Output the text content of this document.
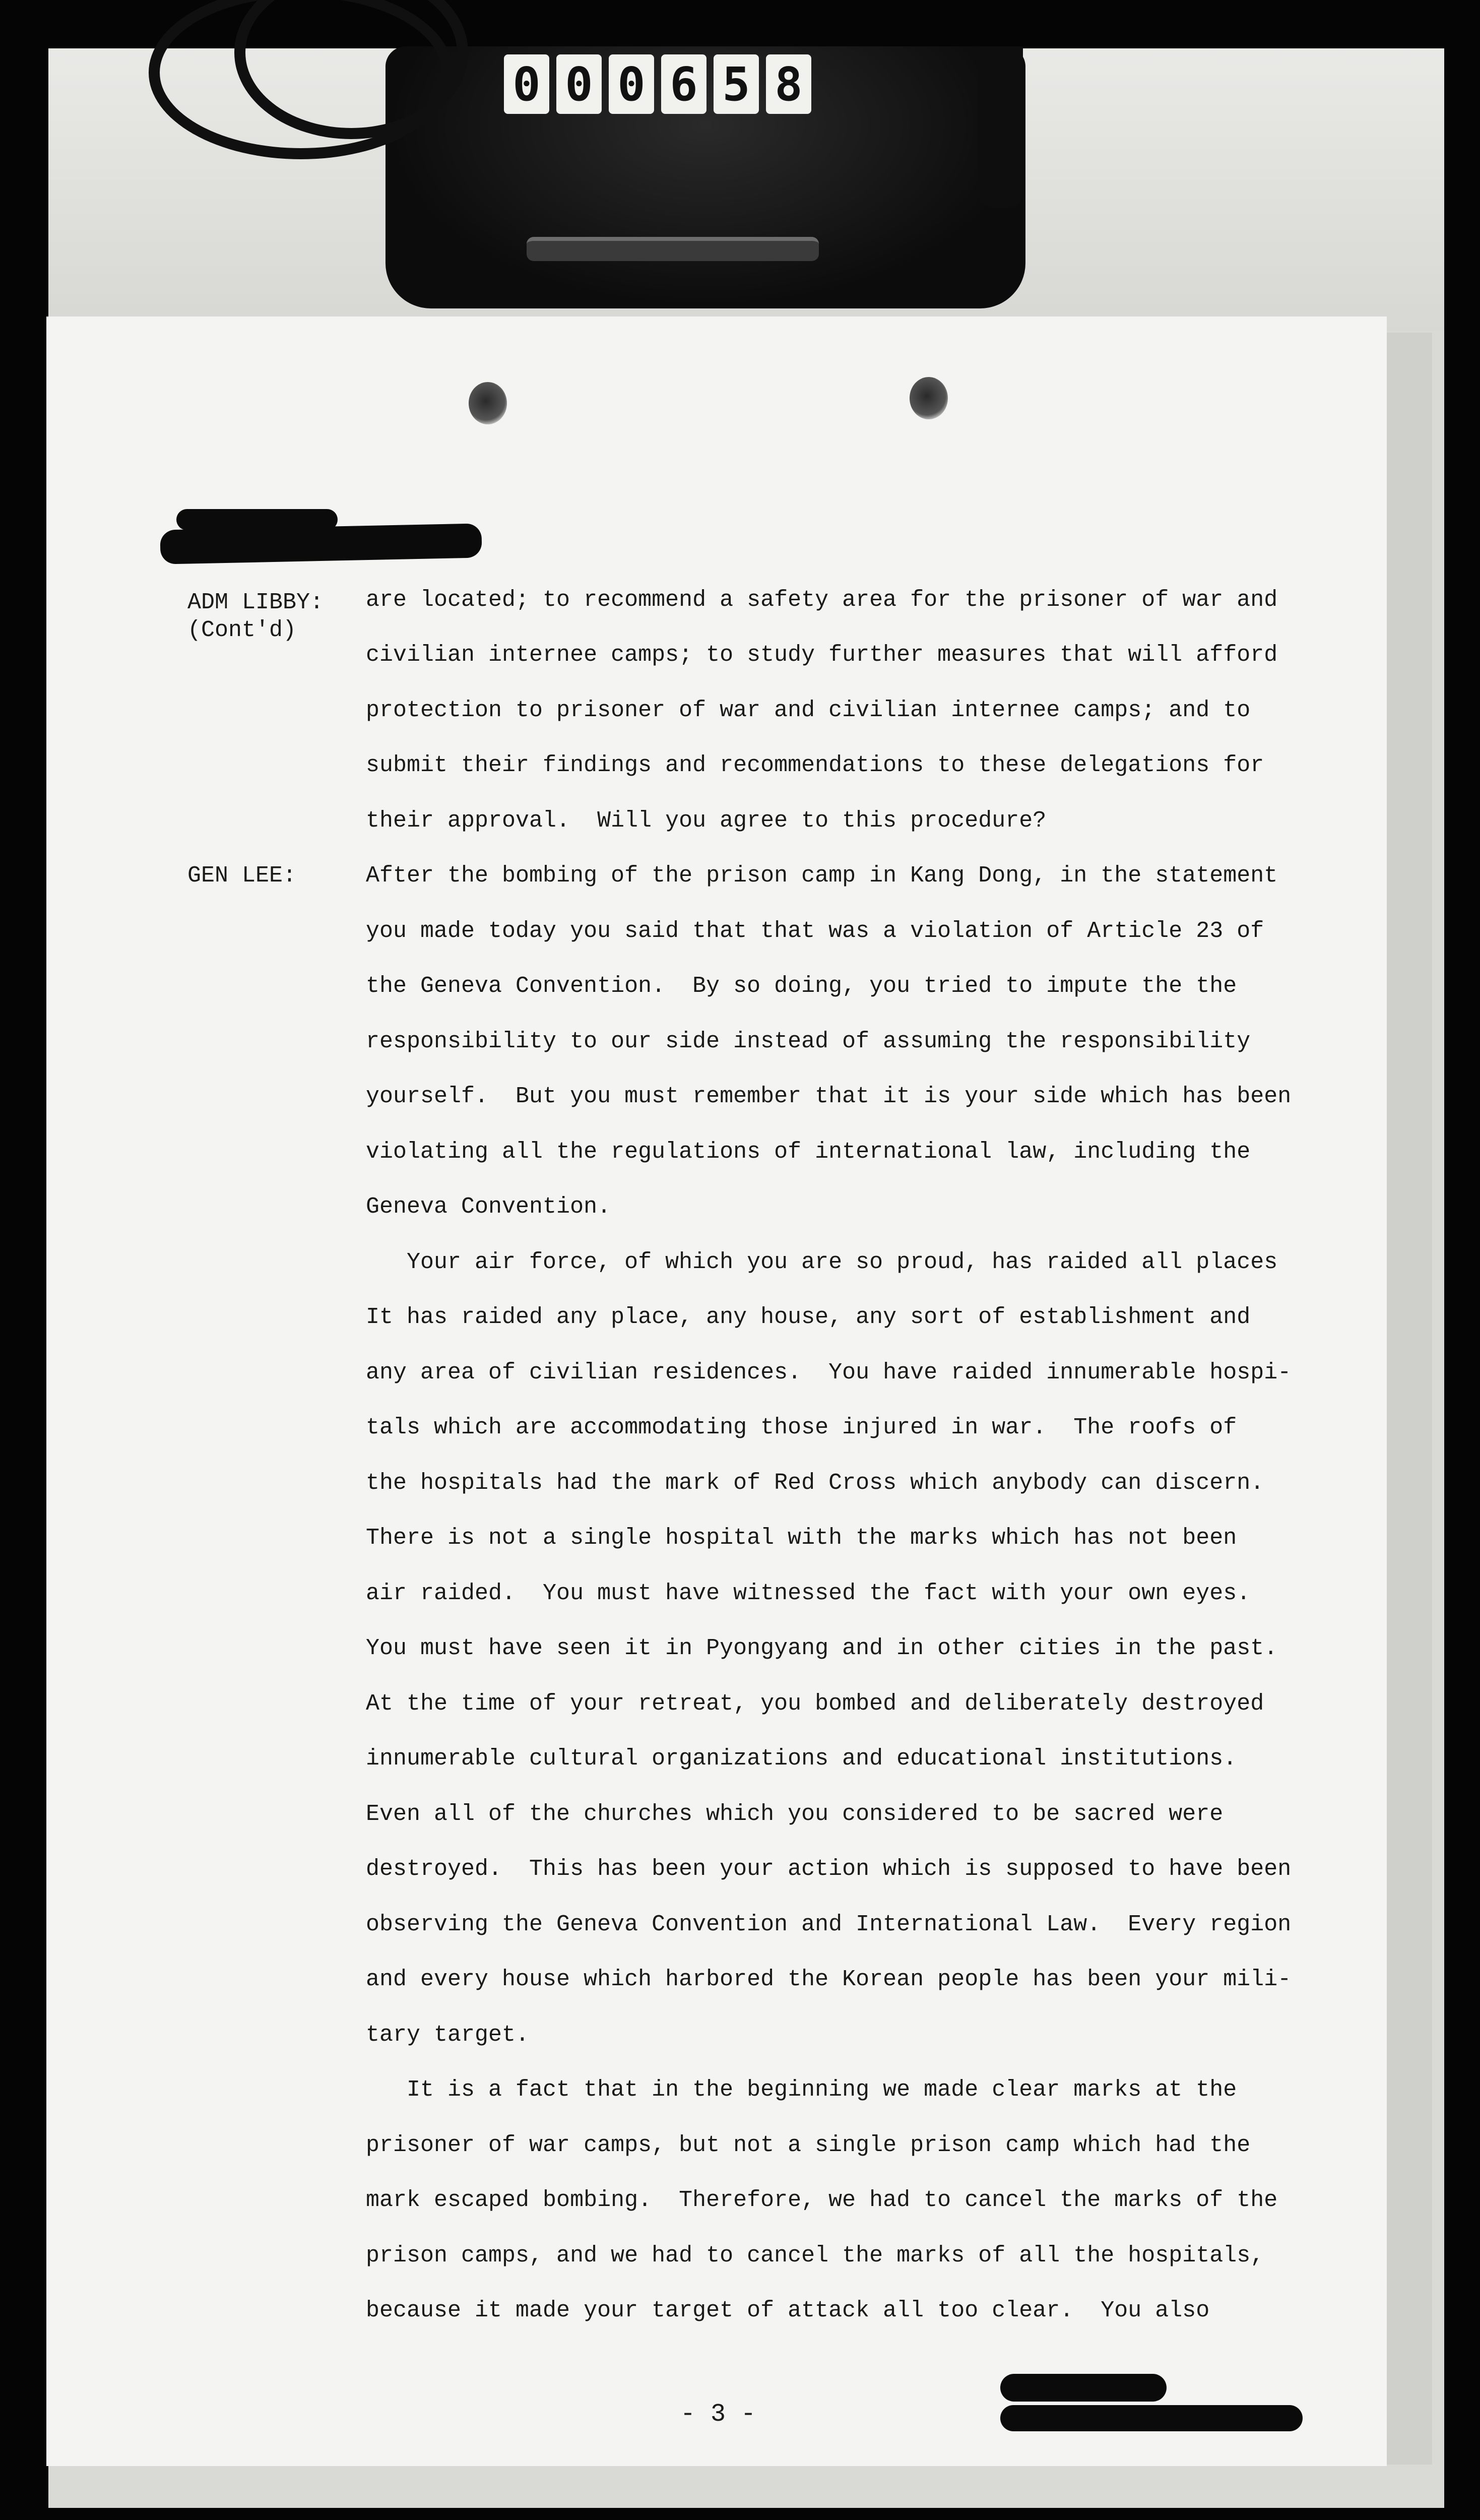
0 0 0 6 5 8
ADM LIBBY:
(Cont'd)
GEN LEE:
are located; to recommend a safety area for the prisoner of war and
civilian internee camps; to study further measures that will afford
protection to prisoner of war and civilian internee camps; and to
submit their findings and recommendations to these delegations for
their approval.  Will you agree to this procedure?
After the bombing of the prison camp in Kang Dong, in the statement
you made today you said that that was a violation of Article 23 of
the Geneva Convention.  By so doing, you tried to impute the the
responsibility to our side instead of assuming the responsibility
yourself.  But you must remember that it is your side which has been
violating all the regulations of international law, including the
Geneva Convention.
Your air force, of which you are so proud, has raided all places
It has raided any place, any house, any sort of establishment and
any area of civilian residences.  You have raided innumerable hospi-
tals which are accommodating those injured in war.  The roofs of
the hospitals had the mark of Red Cross which anybody can discern.
There is not a single hospital with the marks which has not been
air raided.  You must have witnessed the fact with your own eyes.
You must have seen it in Pyongyang and in other cities in the past.
At the time of your retreat, you bombed and deliberately destroyed
innumerable cultural organizations and educational institutions.
Even all of the churches which you considered to be sacred were
destroyed.  This has been your action which is supposed to have been
observing the Geneva Convention and International Law.  Every region
and every house which harbored the Korean people has been your mili-
tary target.
It is a fact that in the beginning we made clear marks at the
prisoner of war camps, but not a single prison camp which had the
mark escaped bombing.  Therefore, we had to cancel the marks of the
prison camps, and we had to cancel the marks of all the hospitals,
because it made your target of attack all too clear.  You also
- 3 -
